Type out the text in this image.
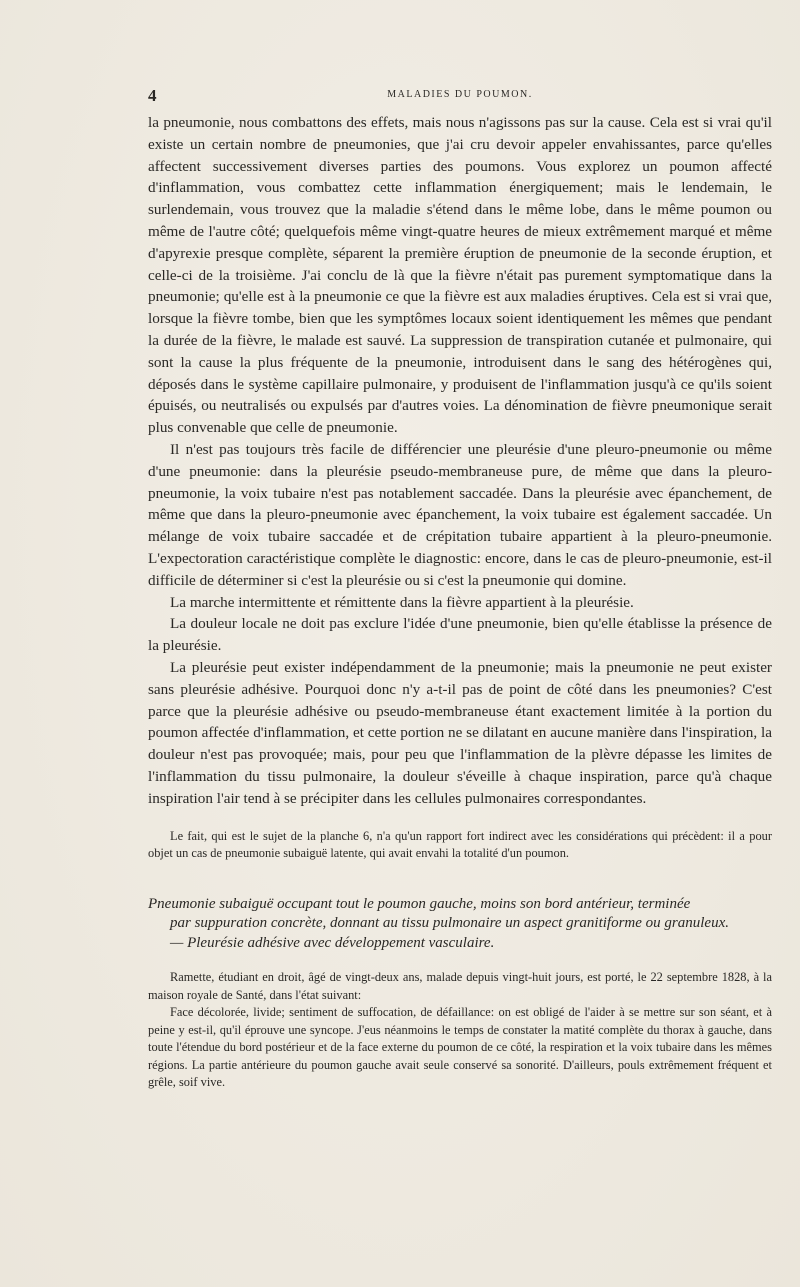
4	MALADIES DU POUMON.

la pneumonie, nous combattons des effets, mais nous n'agissons pas sur la cause. Cela est si vrai qu'il existe un certain nombre de pneumonies, que j'ai cru devoir appeler envahissantes, parce qu'elles affectent successivement diverses parties des poumons. Vous explorez un poumon affecté d'inflammation, vous combattez cette inflammation énergiquement; mais le lendemain, le surlendemain, vous trouvez que la maladie s'étend dans le même lobe, dans le même poumon ou même de l'autre côté; quelquefois même vingt-quatre heures de mieux extrêmement marqué et même d'apyrexie presque complète, séparent la première éruption de pneumonie de la seconde éruption, et celle-ci de la troisième. J'ai conclu de là que la fièvre n'était pas purement symptomatique dans la pneumonie; qu'elle est à la pneumonie ce que la fièvre est aux maladies éruptives. Cela est si vrai que, lorsque la fièvre tombe, bien que les symptômes locaux soient identiquement les mêmes que pendant la durée de la fièvre, le malade est sauvé. La suppression de transpiration cutanée et pulmonaire, qui sont la cause la plus fréquente de la pneumonie, introduisent dans le sang des hétérogènes qui, déposés dans le système capillaire pulmonaire, y produisent de l'inflammation jusqu'à ce qu'ils soient épuisés, ou neutralisés ou expulsés par d'autres voies. La dénomination de fièvre pneumonique serait plus convenable que celle de pneumonie.

Il n'est pas toujours très facile de différencier une pleurésie d'une pleuro-pneumonie ou même d'une pneumonie: dans la pleurésie pseudo-membraneuse pure, de même que dans la pleuro-pneumonie, la voix tubaire n'est pas notablement saccadée. Dans la pleurésie avec épanchement, de même que dans la pleuro-pneumonie avec épanchement, la voix tubaire est également saccadée. Un mélange de voix tubaire saccadée et de crépitation tubaire appartient à la pleuro-pneumonie. L'expectoration caractéristique complète le diagnostic: encore, dans le cas de pleuro-pneumonie, est-il difficile de déterminer si c'est la pleurésie ou si c'est la pneumonie qui domine.

La marche intermittente et rémittente dans la fièvre appartient à la pleurésie.

La douleur locale ne doit pas exclure l'idée d'une pneumonie, bien qu'elle établisse la présence de la pleurésie.

La pleurésie peut exister indépendamment de la pneumonie; mais la pneumonie ne peut exister sans pleurésie adhésive. Pourquoi donc n'y a-t-il pas de point de côté dans les pneumonies? C'est parce que la pleurésie adhésive ou pseudo-membraneuse étant exactement limitée à la portion du poumon affectée d'inflammation, et cette portion ne se dilatant en aucune manière dans l'inspiration, la douleur n'est pas provoquée; mais, pour peu que l'inflammation de la plèvre dépasse les limites de l'inflammation du tissu pulmonaire, la douleur s'éveille à chaque inspiration, parce qu'à chaque inspiration l'air tend à se précipiter dans les cellules pulmonaires correspondantes.

Le fait, qui est le sujet de la planche 6, n'a qu'un rapport fort indirect avec les considérations qui précèdent: il a pour objet un cas de pneumonie subaiguë latente, qui avait envahi la totalité d'un poumon.

Pneumonie subaiguë occupant tout le poumon gauche, moins son bord antérieur, terminée

par suppuration concrète, donnant au tissu pulmonaire un aspect granitiforme ou granuleux.

— Pleurésie adhésive avec développement vasculaire.

Ramette, étudiant en droit, âgé de vingt-deux ans, malade depuis vingt-huit jours, est porté, le 22 septembre 1828, à la maison royale de Santé, dans l'état suivant:

Face décolorée, livide; sentiment de suffocation, de défaillance: on est obligé de l'aider à se mettre sur son séant, et à peine y est-il, qu'il éprouve une syncope. J'eus néanmoins le temps de constater la matité complète du thorax à gauche, dans toute l'étendue du bord postérieur et de la face externe du poumon de ce côté, la respiration et la voix tubaire dans les mêmes régions. La partie antérieure du poumon gauche avait seule conservé sa sonorité. D'ailleurs, pouls extrêmement fréquent et grêle, soif vive.
